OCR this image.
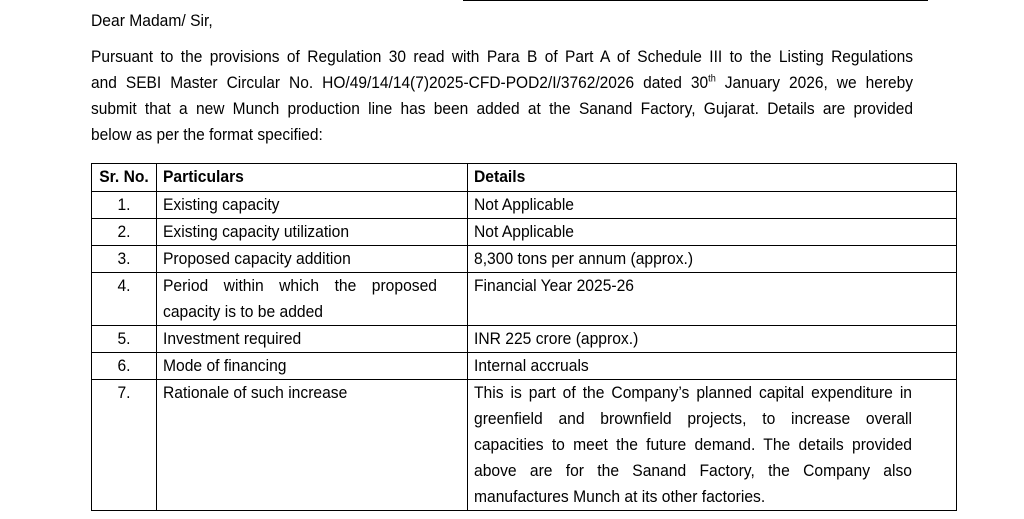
Dear Madam/ Sir,
Pursuant to the provisions of Regulation 30 read with Para B of Part A of Schedule III to the Listing Regulations
and SEBI Master Circular No. HO/49/14/14(7)2025-CFD-POD2/I/3762/2026 dated 30th January 2026, we hereby
submit that a new Munch production line has been added at the Sanand Factory, Gujarat. Details are provided
below as per the format specified:
Sr. No.	Particulars	Details

1.	Existing capacity	Not Applicable

2.	Existing capacity utilization	Not Applicable

3.	Proposed capacity addition	8,300 tons per annum (approx.)

4.	Period within which the proposed
capacity is to be added	Financial Year 2025-26

5.	Investment required	INR 225 crore (approx.)

6.	Mode of financing	Internal accruals

7.	Rationale of such increase	This is part of the Company’s planned capital expenditure in
greenfield and brownfield projects, to increase overall
capacities to meet the future demand. The details provided
above are for the Sanand Factory, the Company also
manufactures Munch at its other factories.
